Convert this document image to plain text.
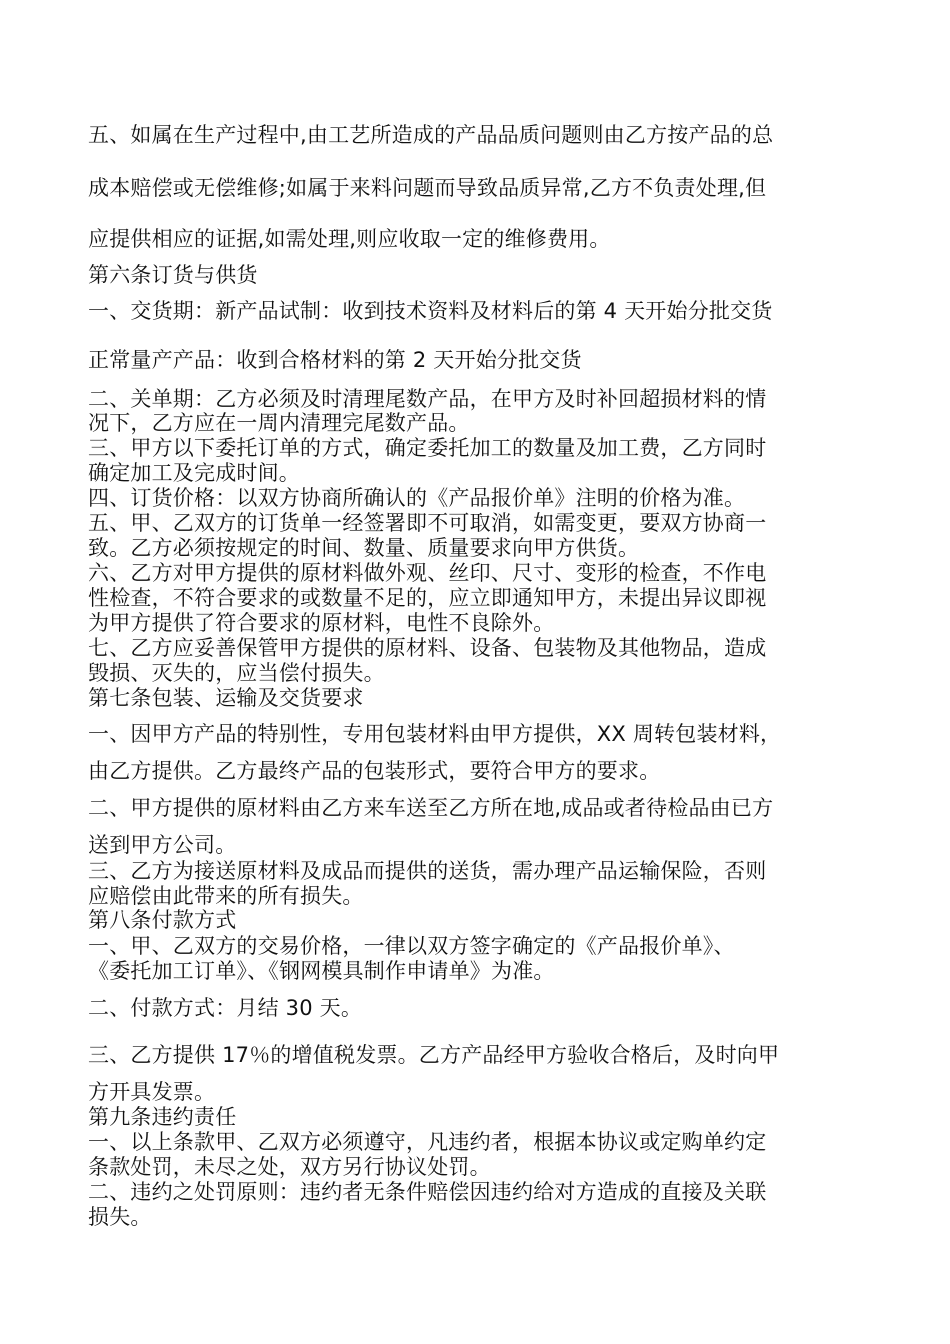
五、如属在生产过程中,由工艺所造成的产品品质问题则由乙方按产品的总
成本赔偿或无偿维修;如属于来料问题而导致品质异常,乙方不负责处理,但
应提供相应的证据,如需处理,则应收取一定的维修费用。
第六条订货与供货
一、交货期：新产品试制：收到技术资料及材料后的第 4 天开始分批交货
正常量产产品：收到合格材料的第 2 天开始分批交货
二、关单期：乙方必须及时清理尾数产品，在甲方及时补回超损材料的情
况下，乙方应在一周内清理完尾数产品。
三、甲方以下委托订单的方式，确定委托加工的数量及加工费，乙方同时
确定加工及完成时间。
四、订货价格：以双方协商所确认的《产品报价单》注明的价格为准。
五、甲、乙双方的订货单一经签署即不可取消，如需变更，要双方协商一
致。乙方必须按规定的时间、数量、质量要求向甲方供货。
六、乙方对甲方提供的原材料做外观、丝印、尺寸、变形的检查，不作电
性检查，不符合要求的或数量不足的，应立即通知甲方，未提出异议即视
为甲方提供了符合要求的原材料，电性不良除外。
七、乙方应妥善保管甲方提供的原材料、设备、包装物及其他物品，造成
毁损、灭失的，应当偿付损失。
第七条包装、运输及交货要求
一、因甲方产品的特别性，专用包装材料由甲方提供，XX 周转包装材料，
由乙方提供。乙方最终产品的包装形式，要符合甲方的要求。
二、甲方提供的原材料由乙方来车送至乙方所在地,成品或者待检品由已方
送到甲方公司。
三、乙方为接送原材料及成品而提供的送货，需办理产品运输保险，否则
应赔偿由此带来的所有损失。
第八条付款方式
一、甲、乙双方的交易价格，一律以双方签字确定的《产品报价单》、
《委托加工订单》、《钢网模具制作申请单》为准。
二、付款方式：月结 30 天。
三、乙方提供 17％的增值税发票。乙方产品经甲方验收合格后，及时向甲
方开具发票。
第九条违约责任
一、以上条款甲、乙双方必须遵守，凡违约者，根据本协议或定购单约定
条款处罚，未尽之处，双方另行协议处罚。
二、违约之处罚原则：违约者无条件赔偿因违约给对方造成的直接及关联
损失。
